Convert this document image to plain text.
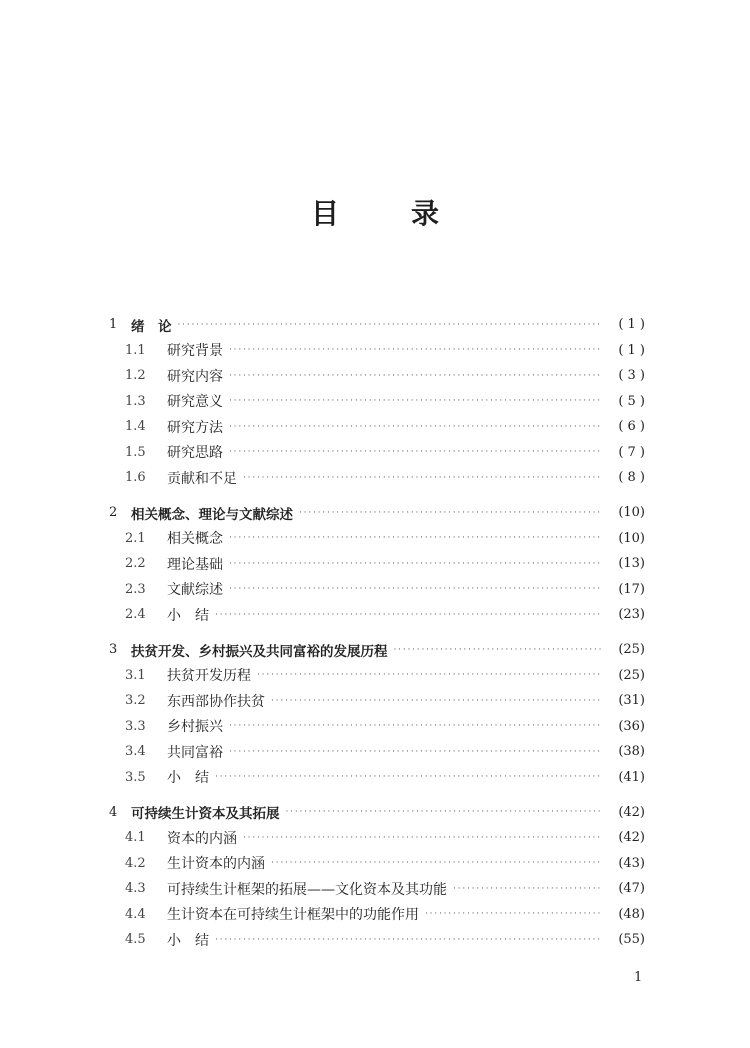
目　录
1	绪　论 ·····	( 1 )
1.1	研究背景 ·····	( 1 )
1.2	研究内容 ·····	( 3 )
1.3	研究意义 ·····	( 5 )
1.4	研究方法 ·····	( 6 )
1.5	研究思路 ·····	( 7 )
1.6	贡献和不足 ·····	( 8 )
2	相关概念、理论与文献综述 ·····	(10)
2.1	相关概念 ·····	(10)
2.2	理论基础 ·····	(13)
2.3	文献综述 ·····	(17)
2.4	小　结 ·····	(23)
3	扶贫开发、乡村振兴及共同富裕的发展历程 ·····	(25)
3.1	扶贫开发历程 ·····	(25)
3.2	东西部协作扶贫 ·····	(31)
3.3	乡村振兴 ·····	(36)
3.4	共同富裕 ·····	(38)
3.5	小　结 ·····	(41)
4	可持续生计资本及其拓展 ·····	(42)
4.1	资本的内涵 ·····	(42)
4.2	生计资本的内涵 ·····	(43)
4.3	可持续生计框架的拓展——文化资本及其功能 ·····	(47)
4.4	生计资本在可持续生计框架中的功能作用 ·····	(48)
4.5	小　结 ·····	(55)
1
